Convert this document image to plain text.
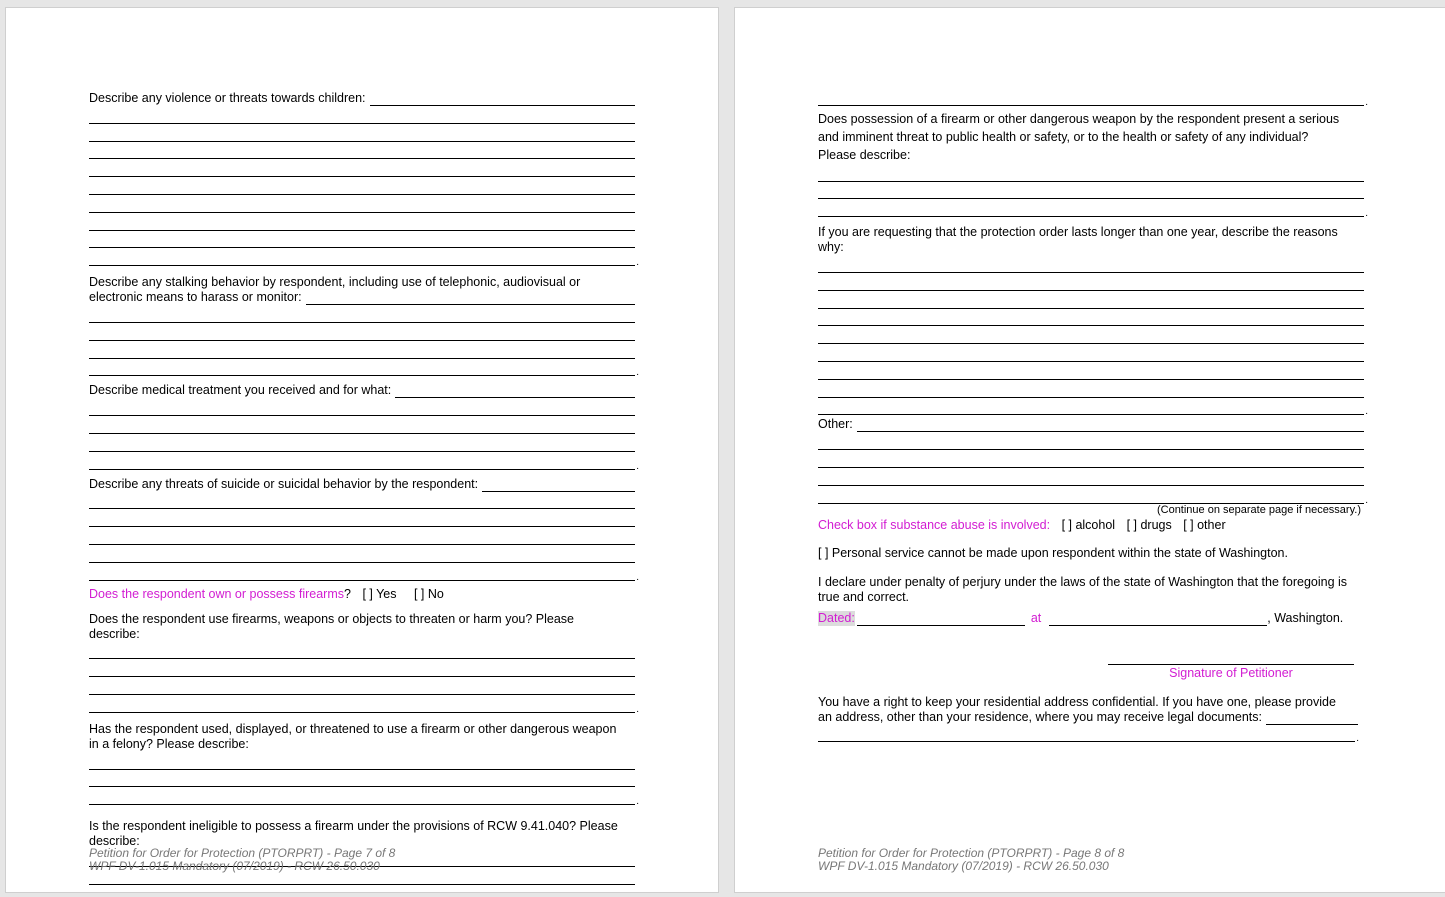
Describe any violence or threats towards children:
.
Describe any stalking behavior by respondent, including use of telephonic, audiovisual or
electronic means to harass or monitor:
.
Describe medical treatment you received and for what:
.
Describe any threats of suicide or suicidal behavior by the respondent:
.
Does the respondent own or possess firearms? [ ] Yes [ ] No
Does the respondent use firearms, weapons or objects to threaten or harm you? Please
describe:
.
Has the respondent used, displayed, or threatened to use a firearm or other dangerous weapon
in a felony? Please describe:
.
Is the respondent ineligible to possess a firearm under the provisions of RCW 9.41.040? Please
describe:
Petition for Order for Protection (PTORPRT) - Page 7 of 8
WPF DV-1.015 Mandatory (07/2019) - RCW 26.50.030
.
Does possession of a firearm or other dangerous weapon by the respondent present a serious
and imminent threat to public health or safety, or to the health or safety of any individual?
Please describe:
.
If you are requesting that the protection order lasts longer than one year, describe the reasons
why:
.
Other:
.
(Continue on separate page if necessary.)
Check box if substance abuse is involved: [ ] alcohol [ ] drugs [ ] other
[ ] Personal service cannot be made upon respondent within the state of Washington.
I declare under penalty of perjury under the laws of the state of Washington that the foregoing is
true and correct.
Dated:	at	, Washington.
Signature of Petitioner
You have a right to keep your residential address confidential. If you have one, please provide
an address, other than your residence, where you may receive legal documents:
.
Petition for Order for Protection (PTORPRT) - Page 8 of 8
WPF DV-1.015 Mandatory (07/2019) - RCW 26.50.030
